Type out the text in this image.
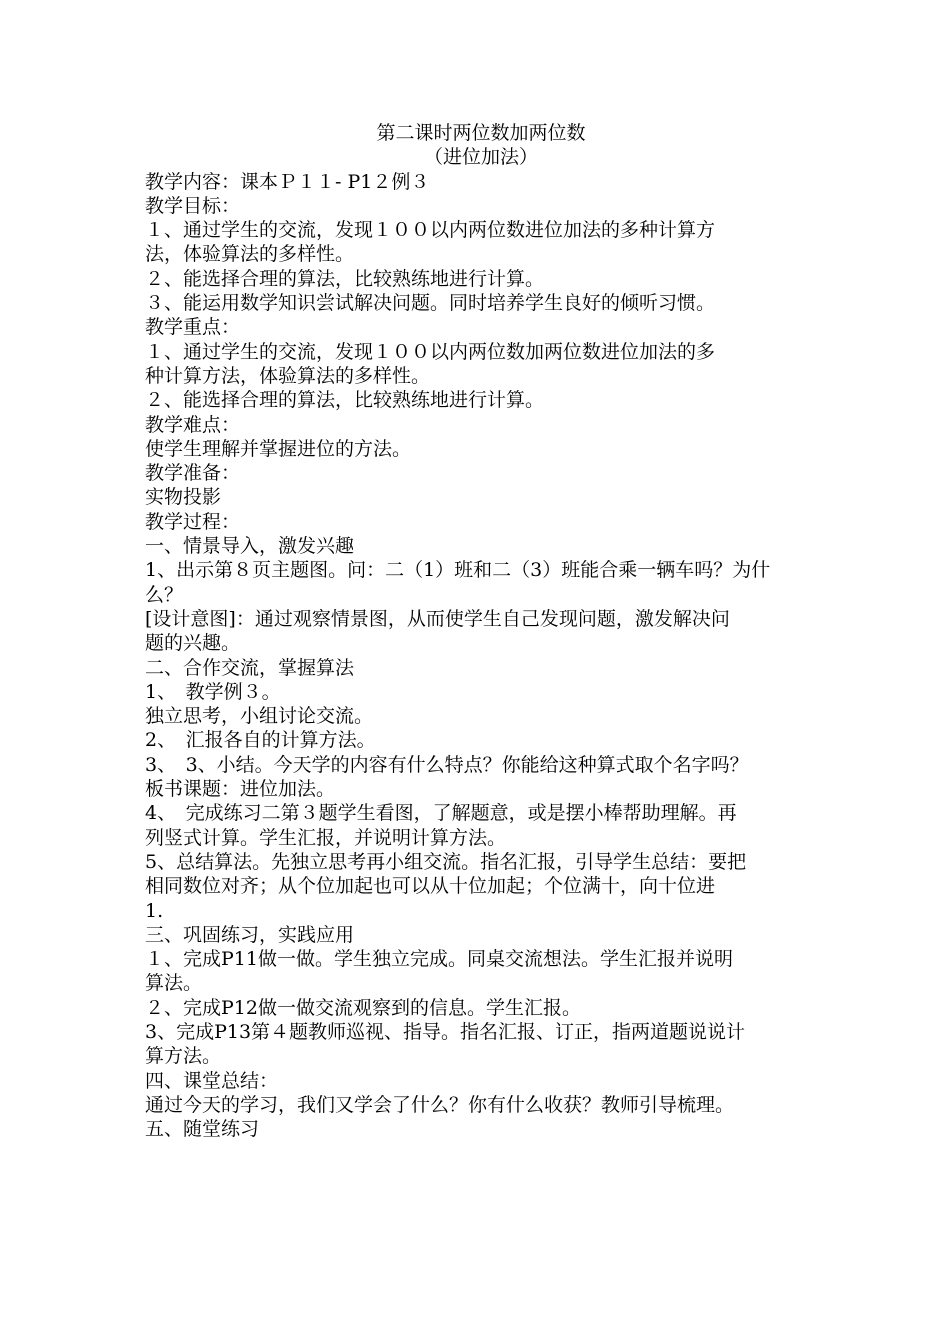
第二课时两位数加两位数

（进位加法）

教学内容：课本Ｐ１１- P1２例３

教学目标：

１、通过学生的交流，发现１００以内两位数进位加法的多种计算方

法，体验算法的多样性。

２、能选择合理的算法，比较熟练地进行计算。

３、能运用数学知识尝试解决问题。同时培养学生良好的倾听习惯。

教学重点：

１、通过学生的交流，发现１００以内两位数加两位数进位加法的多

种计算方法，体验算法的多样性。

２、能选择合理的算法，比较熟练地进行计算。

教学难点：

使学生理解并掌握进位的方法。

教学准备：

实物投影

教学过程：

一、情景导入，激发兴趣

1、出示第８页主题图。问：二（1）班和二（3）班能合乘一辆车吗？为什

么？

[设计意图]：通过观察情景图，从而使学生自己发现问题，激发解决问

题的兴趣。

二、合作交流，掌握算法

1、　教学例３。

独立思考，小组讨论交流。

2、　汇报各自的计算方法。

3、　3、小结。今天学的内容有什么特点？你能给这种算式取个名字吗？

板书课题：进位加法。

4、　完成练习二第３题学生看图，了解题意，或是摆小棒帮助理解。再

列竖式计算。学生汇报，并说明计算方法。

5、总结算法。先独立思考再小组交流。指名汇报，引导学生总结：要把

相同数位对齐；从个位加起也可以从十位加起；个位满十，向十位进

1.

三、巩固练习，实践应用

１、完成P11做一做。学生独立完成。同桌交流想法。学生汇报并说明

算法。

２、完成P12做一做交流观察到的信息。学生汇报。

3、完成P13第４题教师巡视、指导。指名汇报、订正，指两道题说说计

算方法。

四、课堂总结：

通过今天的学习，我们又学会了什么？你有什么收获？教师引导梳理。

五、随堂练习
